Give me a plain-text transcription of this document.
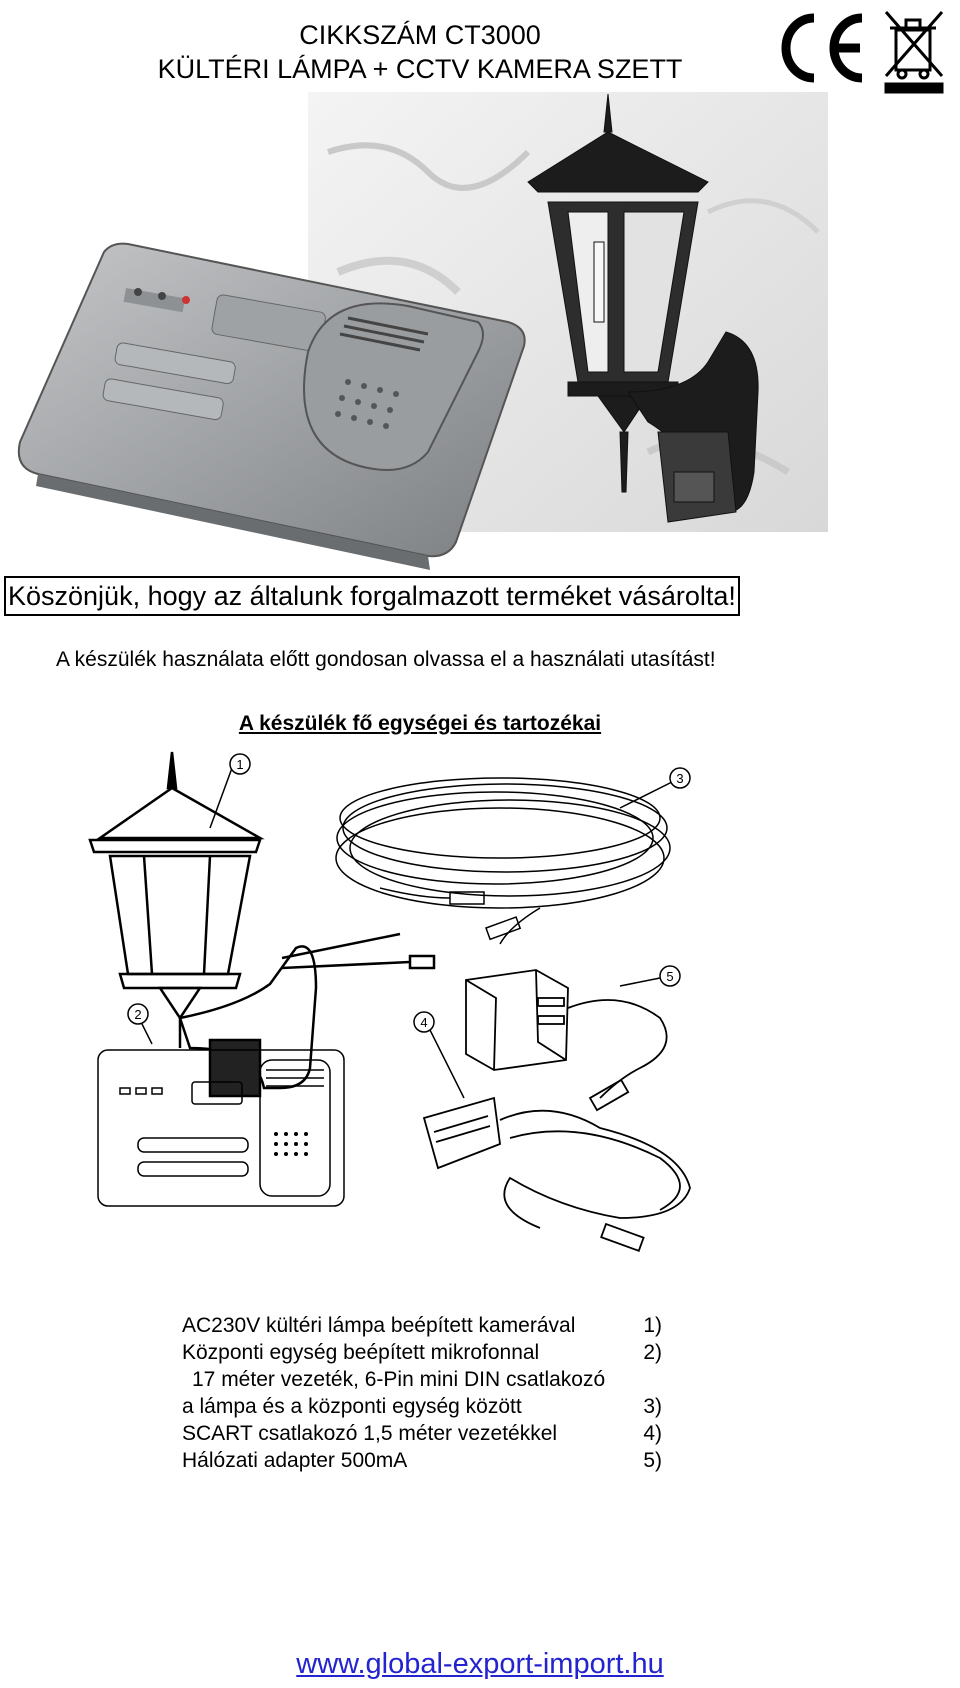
CIKKSZÁM CT3000
KÜLTÉRI LÁMPA + CCTV KAMERA SZETT
Köszönjük, hogy az általunk forgalmazott terméket vásárolta!
A készülék használata előtt gondosan olvassa el a használati utasítást!
A készülék fő egységei és tartozékai
1
3
5
4
2
AC230V kültéri lámpa beépített kamerával	1)
Központi egység beépített mikrofonnal	2)
17 méter vezeték, 6-Pin mini DIN csatlakozó
a lámpa és a központi egység között	3)
SCART csatlakozó 1,5 méter vezetékkel	4)
Hálózati adapter 500mA	5)
www.global-export-import.hu
